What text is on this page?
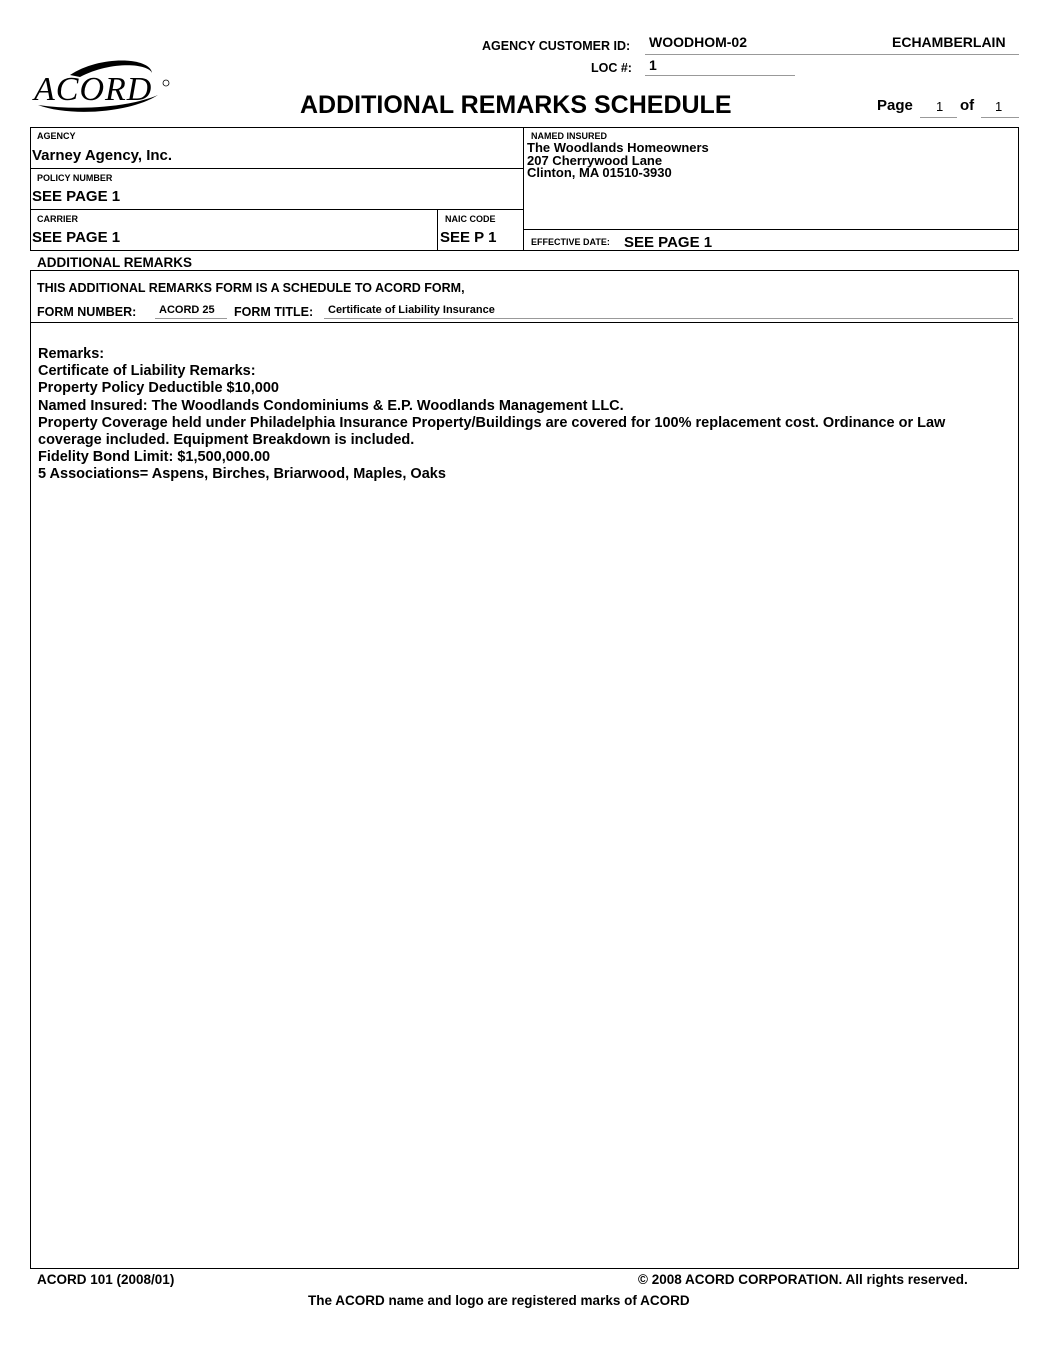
AGENCY CUSTOMER ID: WOODHOM-02	ECHAMBERLAIN
LOC #: 1
ACORD	ADDITIONAL REMARKS SCHEDULE	Page 1 of 1
AGENCY
Varney Agency, Inc.
NAMED INSURED
The Woodlands Homeowners
207 Cherrywood Lane
Clinton, MA 01510-3930
POLICY NUMBER
SEE PAGE 1
CARRIER
SEE PAGE 1
NAIC CODE
SEE P 1	EFFECTIVE DATE: SEE PAGE 1
ADDITIONAL REMARKS
THIS ADDITIONAL REMARKS FORM IS A SCHEDULE TO ACORD FORM,
FORM NUMBER: ACORD 25 FORM TITLE: Certificate of Liability Insurance
Remarks:
Certificate of Liability Remarks:
Property Policy Deductible $10,000
Named Insured: The Woodlands Condominiums & E.P. Woodlands Management LLC.
Property Coverage held under Philadelphia Insurance Property/Buildings are covered for 100% replacement cost. Ordinance or Law coverage included. Equipment Breakdown is included.
Fidelity Bond Limit: $1,500,000.00
5 Associations= Aspens, Birches, Briarwood, Maples, Oaks
ACORD 101 (2008/01)	© 2008 ACORD CORPORATION. All rights reserved.
The ACORD name and logo are registered marks of ACORD
